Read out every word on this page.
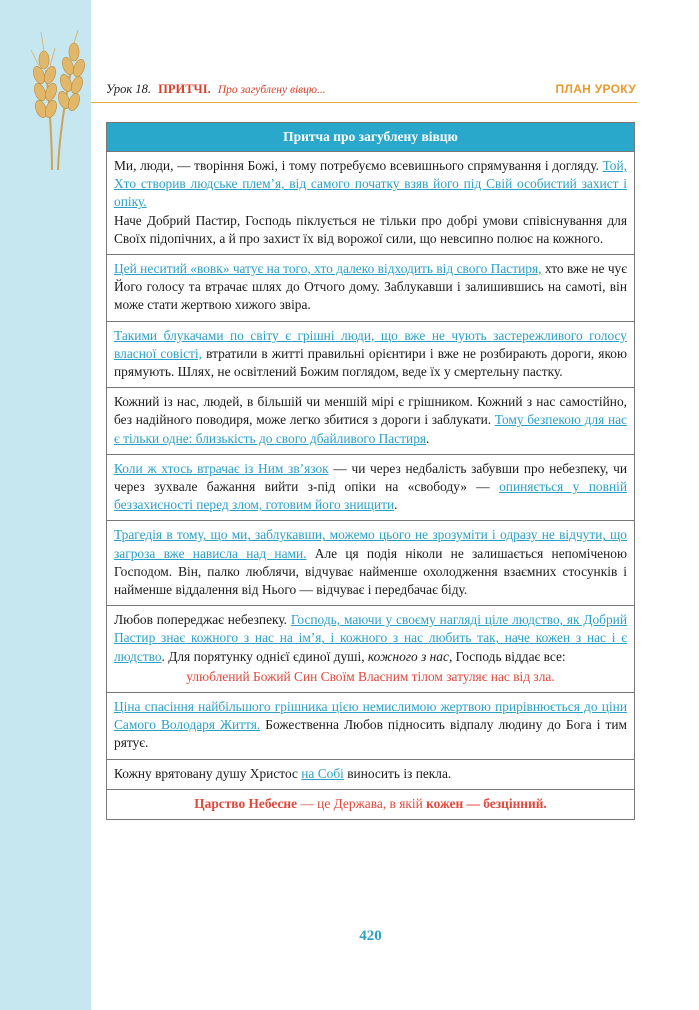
Урок 18. ПРИТЧІ. Про загублену вівцю...	ПЛАН УРОКУ
Притча про загублену вівцю
Ми, люди, — творіння Божі, і тому потребуємо всевишнього спрямування і догляду. Той, Хто створив людське плем’я, від самого початку взяв його під Свій особистий захист і опіку.
Наче Добрий Пастир, Господь піклується не тільки про добрі умови співіснування для Своїх підопічних, а й про захист їх від ворожої сили, що невсипно полює на кожного.
Цей неситий «вовк» чатує на того, хто далеко відходить від свого Пастиря, хто вже не чує Його голосу та втрачає шлях до Отчого дому. Заблукавши і залишившись на самоті, він може стати жертвою хижого звіра.
Такими блукачами по світу є грішні люди, що вже не чують застережливого голосу власної совісті, втратили в житті правильні орієнтири і вже не розбирають дороги, якою прямують. Шлях, не освітлений Божим поглядом, веде їх у смертельну пастку.
Кожний із нас, людей, в більшій чи меншій мірі є грішником. Кожний з нас самостійно, без надійного поводиря, може легко збитися з дороги і заблукати. Тому безпекою для нас є тільки одне: близькість до свого дбайливого Пастиря.
Коли ж хтось втрачає із Ним зв’язок — чи через недбалість забувши про небезпеку, чи через зухвале бажання вийти з-під опіки на «свободу» — опиняється у повній беззахисності перед злом, готовим його знищити.
Трагедія в тому, що ми, заблукавши, можемо цього не зрозуміти і одразу не відчути, що загроза вже нависла над нами. Але ця подія ніколи не залишається непоміченою Господом. Він, палко люблячи, відчуває найменше охолодження взаємних стосунків і найменше віддалення від Нього — відчуває і передбачає біду.
Любов попереджає небезпеку. Господь, маючи у своєму нагляді ціле людство, як Добрий Пастир знає кожного з нас на ім’я, і кожного з нас любить так, наче кожен з нас і є людство. Для порятунку однієї єдиної душі, кожного з нас, Господь віддає все:
улюблений Божий Син Своїм Власним тілом затуляє нас від зла.

Ціна спасіння найбільшого грішника цією немислимою жертвою прирівнюється до ціни Самого Володаря Життя. Божественна Любов підносить відпалу людину до Бога і тим рятує.
Кожну врятовану душу Христос на Собі виносить із пекла.
Царство Небесне — це Держава, в якій кожен — безцінний.
420
